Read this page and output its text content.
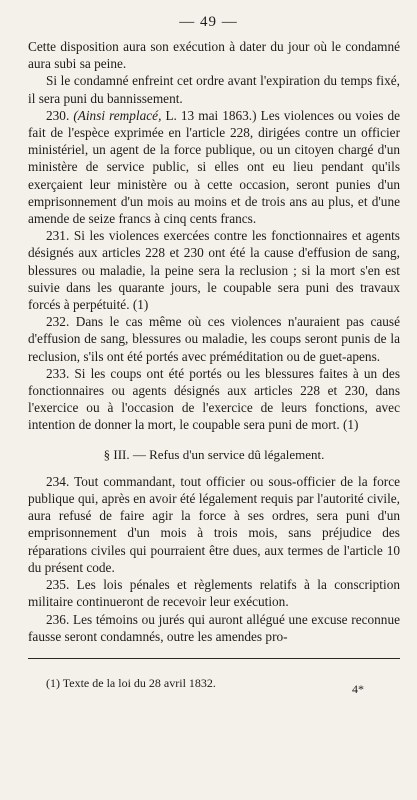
— 49 —

Cette disposition aura son exécution à dater du jour où le condamné aura subi sa peine.

Si le condamné enfreint cet ordre avant l'expiration du temps fixé, il sera puni du bannissement.

230. (Ainsi remplacé, L. 13 mai 1863.) Les violences ou voies de fait de l'espèce exprimée en l'article 228, dirigées contre un officier ministériel, un agent de la force publique, ou un citoyen chargé d'un ministère de service public, si elles ont eu lieu pendant qu'ils exerçaient leur ministère ou à cette occasion, seront punies d'un emprisonnement d'un mois au moins et de trois ans au plus, et d'une amende de seize francs à cinq cents francs.

231. Si les violences exercées contre les fonctionnaires et agents désignés aux articles 228 et 230 ont été la cause d'effusion de sang, blessures ou maladie, la peine sera la reclusion ; si la mort s'en est suivie dans les quarante jours, le coupable sera puni des travaux forcés à perpétuité. (1)

232. Dans le cas même où ces violences n'auraient pas causé d'effusion de sang, blessures ou maladie, les coups seront punis de la reclusion, s'ils ont été portés avec préméditation ou de guet-apens.

233. Si les coups ont été portés ou les blessures faites à un des fonctionnaires ou agents désignés aux articles 228 et 230, dans l'exercice ou à l'occasion de l'exercice de leurs fonctions, avec intention de donner la mort, le coupable sera puni de mort. (1)

§ III. — Refus d'un service dû légalement.

234. Tout commandant, tout officier ou sous-officier de la force publique qui, après en avoir été légalement requis par l'autorité civile, aura refusé de faire agir la force à ses ordres, sera puni d'un emprisonnement d'un mois à trois mois, sans préjudice des réparations civiles qui pourraient être dues, aux termes de l'article 10 du présent code.

235. Les lois pénales et règlements relatifs à la conscription militaire continueront de recevoir leur exécution.

236. Les témoins ou jurés qui auront allégué une excuse reconnue fausse seront condamnés, outre les amendes pro-

(1) Texte de la loi du 28 avril 1832.	4*
